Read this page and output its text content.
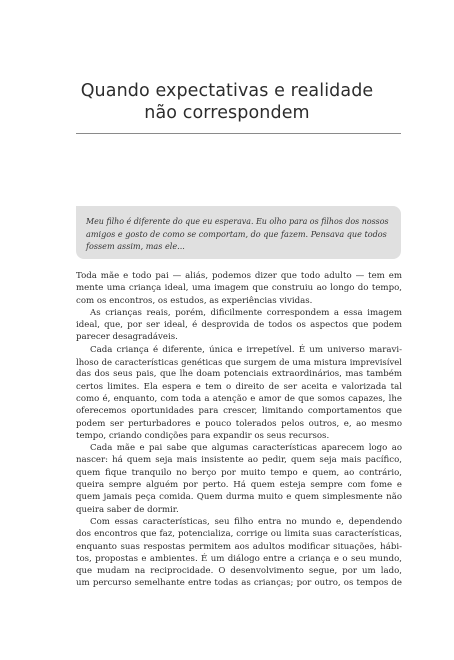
Quando expectativas e realidade
não correspondem
Meu filho é diferente do que eu esperava. Eu olho para os filhos dos nossos
amigos e gosto de como se comportam, do que fazem. Pensava que todos
fossem assim, mas ele...

Toda mãe e todo pai — aliás, podemos dizer que todo adulto — tem em
mente uma criança ideal, uma imagem que construiu ao longo do tempo,
com os encontros, os estudos, as experiências vividas.

As crianças reais, porém, dificilmente correspondem a essa imagem
ideal, que, por ser ideal, é desprovida de todos os aspectos que podem
parecer desagradáveis.

Cada criança é diferente, única e irrepetível. É um universo maravi-
lhoso de características genéticas que surgem de uma mistura imprevisível
das dos seus pais, que lhe doam potenciais extraordinários, mas também
certos limites. Ela espera e tem o direito de ser aceita e valorizada tal
como é, enquanto, com toda a atenção e amor de que somos capazes, lhe
oferecemos oportunidades para crescer, limitando comportamentos que
podem ser perturbadores e pouco tolerados pelos outros, e, ao mesmo
tempo, criando condições para expandir os seus recursos.

Cada mãe e pai sabe que algumas características aparecem logo ao
nascer: há quem seja mais insistente ao pedir, quem seja mais pacífico,
quem fique tranquilo no berço por muito tempo e quem, ao contrário,
queira sempre alguém por perto. Há quem esteja sempre com fome e
quem jamais peça comida. Quem durma muito e quem simplesmente não
queira saber de dormir.

Com essas características, seu filho entra no mundo e, dependendo
dos encontros que faz, potencializa, corrige ou limita suas características,
enquanto suas respostas permitem aos adultos modificar situações, hábi-
tos, propostas e ambientes. É um diálogo entre a criança e o seu mundo,
que mudam na reciprocidade. O desenvolvimento segue, por um lado,
um percurso semelhante entre todas as crianças; por outro, os tempos de
